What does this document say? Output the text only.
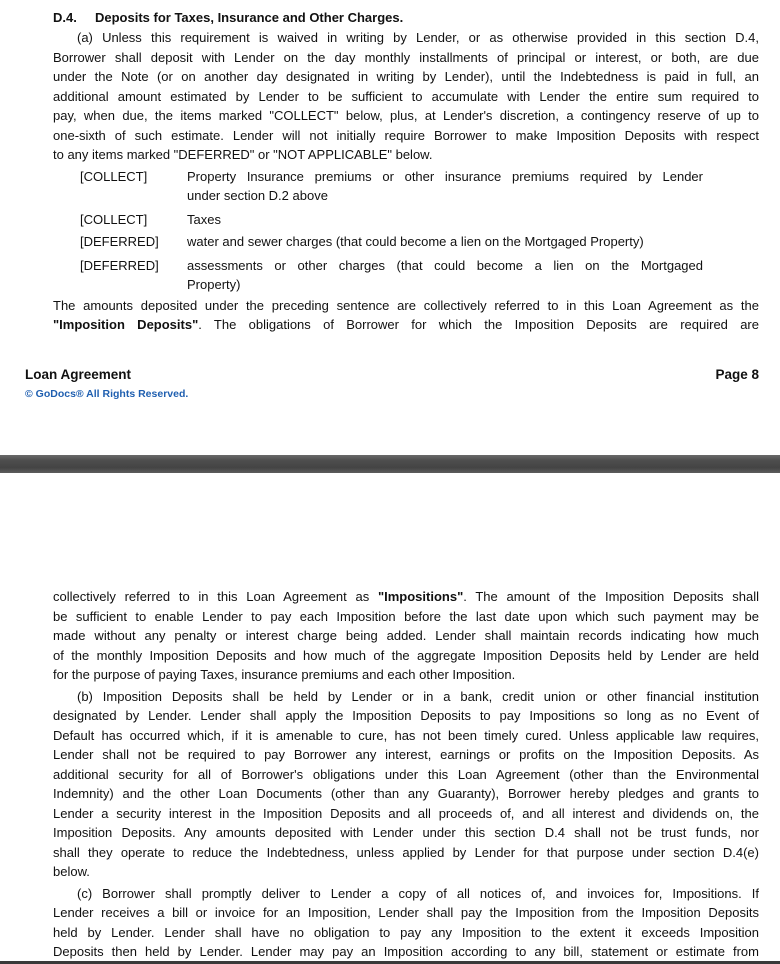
D.4. Deposits for Taxes, Insurance and Other Charges.
(a) Unless this requirement is waived in writing by Lender, or as otherwise provided in this section D.4,
Borrower shall deposit with Lender on the day monthly installments of principal or interest, or both, are due
under the Note (or on another day designated in writing by Lender), until the Indebtedness is paid in full, an
additional amount estimated by Lender to be sufficient to accumulate with Lender the entire sum required to
pay, when due, the items marked "COLLECT" below, plus, at Lender's discretion, a contingency reserve of up to
one-sixth of such estimate. Lender will not initially require Borrower to make Imposition Deposits with respect
to any items marked "DEFERRED" or "NOT APPLICABLE" below.
[COLLECT]	Property Insurance premiums or other insurance premiums required by Lender
under section D.2 above
[COLLECT]	Taxes
[DEFERRED] water and sewer charges (that could become a lien on the Mortgaged Property)
[DEFERRED] assessments or other charges (that could become a lien on the Mortgaged
Property)
The amounts deposited under the preceding sentence are collectively referred to in this Loan Agreement as the
"Imposition Deposits". The obligations of Borrower for which the Imposition Deposits are required are
Loan Agreement
© GoDocs® All Rights Reserved.
Page 8
collectively referred to in this Loan Agreement as "Impositions". The amount of the Imposition Deposits shall
be sufficient to enable Lender to pay each Imposition before the last date upon which such payment may be
made without any penalty or interest charge being added. Lender shall maintain records indicating how much
of the monthly Imposition Deposits and how much of the aggregate Imposition Deposits held by Lender are held
for the purpose of paying Taxes, insurance premiums and each other Imposition.
(b) Imposition Deposits shall be held by Lender or in a bank, credit union or other financial institution
designated by Lender. Lender shall apply the Imposition Deposits to pay Impositions so long as no Event of
Default has occurred which, if it is amenable to cure, has not been timely cured. Unless applicable law requires,
Lender shall not be required to pay Borrower any interest, earnings or profits on the Imposition Deposits. As
additional security for all of Borrower's obligations under this Loan Agreement (other than the Environmental
Indemnity) and the other Loan Documents (other than any Guaranty), Borrower hereby pledges and grants to
Lender a security interest in the Imposition Deposits and all proceeds of, and all interest and dividends on, the
Imposition Deposits. Any amounts deposited with Lender under this section D.4 shall not be trust funds, nor
shall they operate to reduce the Indebtedness, unless applied by Lender for that purpose under section D.4(e)
below.
(c) Borrower shall promptly deliver to Lender a copy of all notices of, and invoices for, Impositions. If
Lender receives a bill or invoice for an Imposition, Lender shall pay the Imposition from the Imposition Deposits
held by Lender. Lender shall have no obligation to pay any Imposition to the extent it exceeds Imposition
Deposits then held by Lender. Lender may pay an Imposition according to any bill, statement or estimate from
